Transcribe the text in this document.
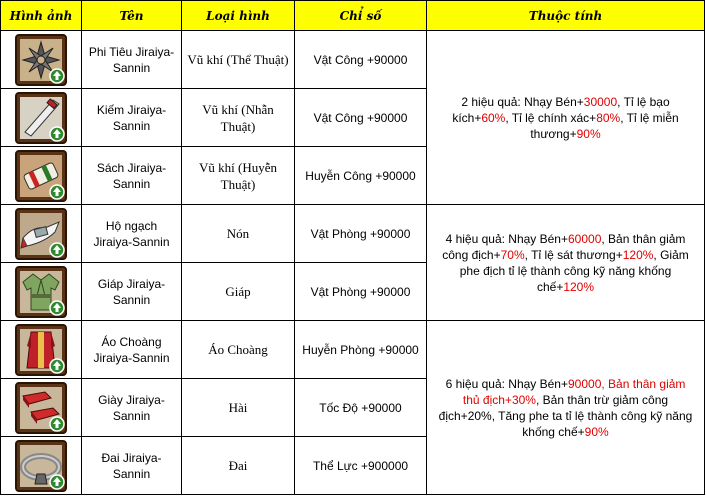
Hình ảnh	Tên	Loại hình	Chỉ số	Thuộc tính

	Phi Tiêu Jiraiya-Sannin	Vũ khí (Thể Thuật)	Vật Công +90000	2 hiệu quả: Nhạy Bén+30000, Tỉ lệ bạo kích+60%, Tỉ lệ chính xác+80%, Tỉ lệ miễn thương+90%

	Kiếm Jiraiya-Sannin	Vũ khí (Nhẫn Thuật)	Vật Công +90000	

	Sách Jiraiya-Sannin	Vũ khí (Huyễn Thuật)	Huyễn Công +90000	

	Hộ ngạch Jiraiya-Sannin	Nón	Vật Phòng +90000	4 hiệu quả: Nhạy Bén+60000, Bản thân giảm công địch+70%, Tỉ lệ sát thương+120%, Giảm phe địch tỉ lệ thành công kỹ năng khống chế+120%

	Giáp Jiraiya-Sannin	Giáp	Vật Phòng +90000	

	Áo Choàng Jiraiya-Sannin	Áo Choàng	Huyễn Phòng +90000	6 hiệu quả: Nhạy Bén+90000, Bản thân giảm thủ địch+30%, Bản thân trừ giảm công địch+20%, Tăng phe ta tỉ lệ thành công kỹ năng khống chế+90%

	Giày Jiraiya-Sannin	Hài	Tốc Độ +90000	

	Đai Jiraiya-Sannin	Đai	Thể Lực +900000	
